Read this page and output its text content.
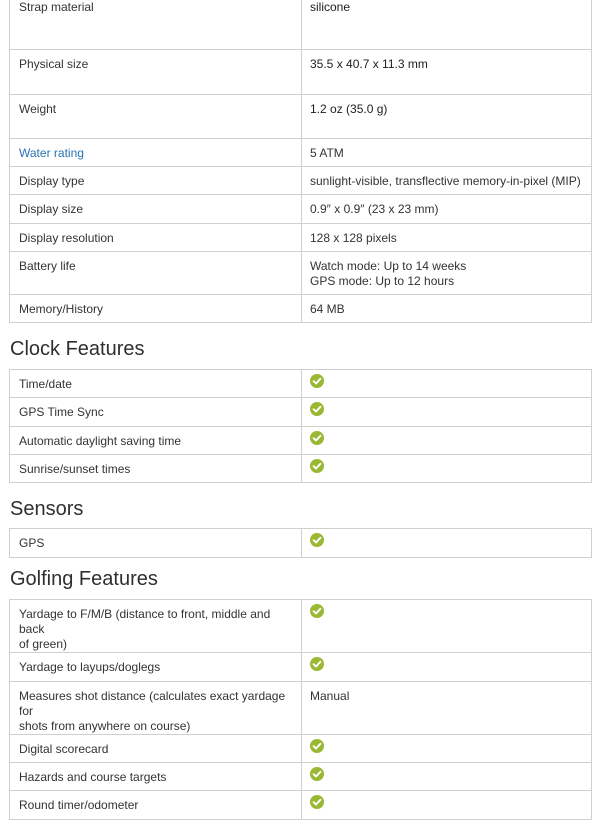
Strap material	silicone
Physical size	35.5 x 40.7 x 11.3 mm
Weight	1.2 oz (35.0 g)
Water rating	5 ATM
Display type	sunlight-visible, transflective memory-in-pixel (MIP)
Display size	0.9″ x 0.9″ (23 x 23 mm)
Display resolution	128 x 128 pixels
Battery life	Watch mode: Up to 14 weeks
GPS mode: Up to 12 hours

Memory/History	64 MB
Clock Features
Time/date	
GPS Time Sync	
Automatic daylight saving time	
Sunrise/sunset times	
Sensors
GPS	
Golfing Features
Yardage to F/M/B (distance to front, middle and back
of green)

Yardage to layups/doglegs	

Measures shot distance (calculates exact yardage for
shots from anywhere on course)	Manual
Digital scorecard	
Hazards and course targets	
Round timer/odometer	
